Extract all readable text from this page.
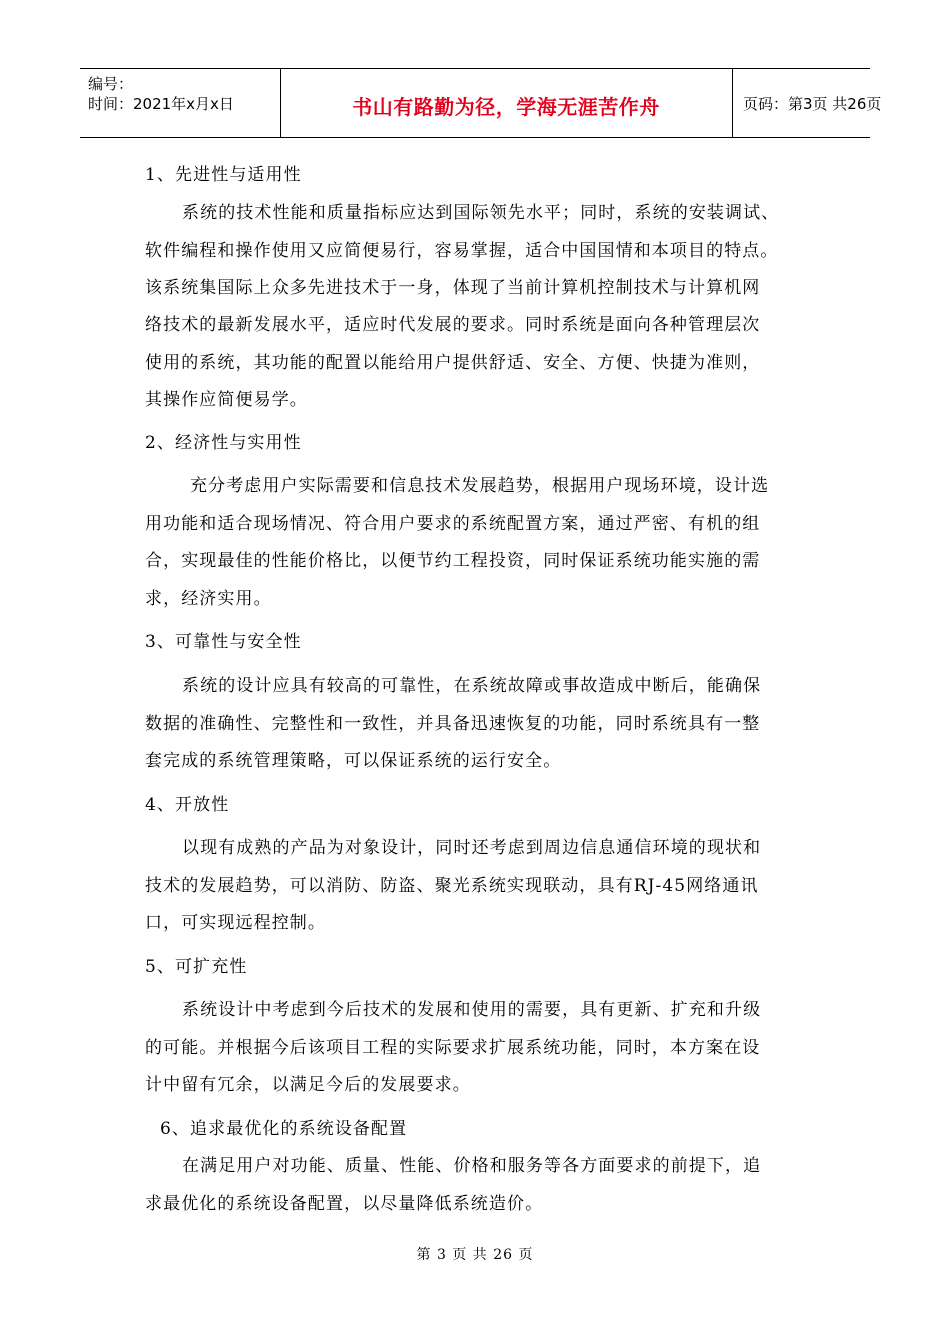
编号：
时间：2021年x月x日	书山有路勤为径，学海无涯苦作舟	页码：第3页 共26页
1、先进性与适用性
系统的技术性能和质量指标应达到国际领先水平；同时，系统的安装调试、
软件编程和操作使用又应简便易行，容易掌握，适合中国国情和本项目的特点。
该系统集国际上众多先进技术于一身，体现了当前计算机控制技术与计算机网
络技术的最新发展水平，适应时代发展的要求。同时系统是面向各种管理层次
使用的系统，其功能的配置以能给用户提供舒适、安全、方便、快捷为准则，
其操作应简便易学。
2、经济性与实用性
充分考虑用户实际需要和信息技术发展趋势，根据用户现场环境，设计选
用功能和适合现场情况、符合用户要求的系统配置方案，通过严密、有机的组
合，实现最佳的性能价格比，以便节约工程投资，同时保证系统功能实施的需
求，经济实用。
3、可靠性与安全性
系统的设计应具有较高的可靠性，在系统故障或事故造成中断后，能确保
数据的准确性、完整性和一致性，并具备迅速恢复的功能，同时系统具有一整
套完成的系统管理策略，可以保证系统的运行安全。
4、开放性
以现有成熟的产品为对象设计，同时还考虑到周边信息通信环境的现状和
技术的发展趋势，可以消防、防盗、聚光系统实现联动，具有RJ-45网络通讯
口，可实现远程控制。
5、可扩充性
系统设计中考虑到今后技术的发展和使用的需要，具有更新、扩充和升级
的可能。并根据今后该项目工程的实际要求扩展系统功能，同时，本方案在设
计中留有冗余，以满足今后的发展要求。
6、追求最优化的系统设备配置
在满足用户对功能、质量、性能、价格和服务等各方面要求的前提下，追
求最优化的系统设备配置，以尽量降低系统造价。
第 3 页 共 26 页
